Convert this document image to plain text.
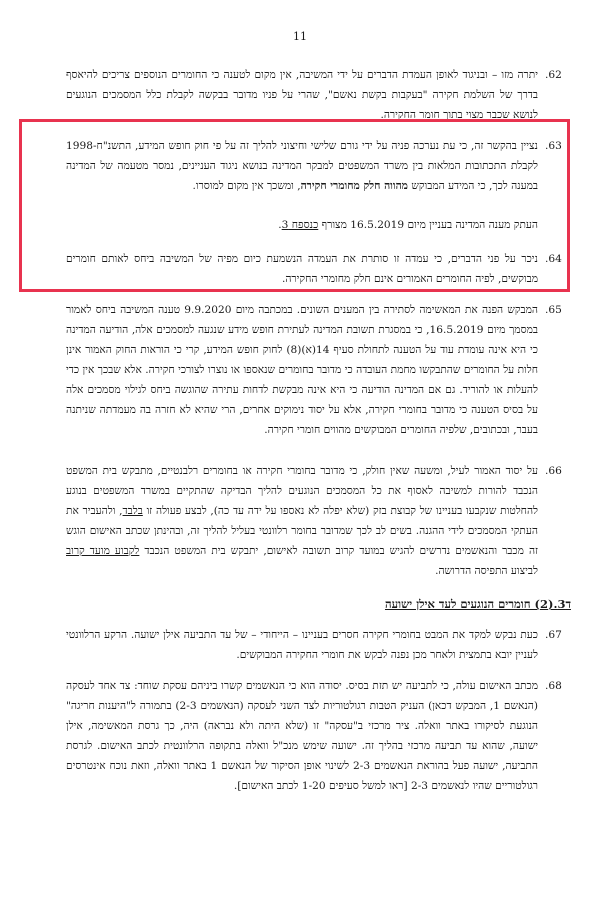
11
.62
יתרה מזו – ובניגוד לאופן העמדת הדברים על ידי המשיבה, אין מקום לטענה כי החומרים הנוספים צריכים להיאסף בדרך של השלמת חקירה "בעקבות בקשת נאשם", שהרי על פניו מדובר בבקשה לקבלת כלל המסמכים הנוגעים לנושא שכבר מצוי בתוך חומר החקירה.
.63
נציין בהקשר זה, כי עת נערכה פניה על ידי גורם שלישי וחיצוני להליך זה על פי חוק חופש המידע, התשנ"ח-1998 לקבלת התכתובות המלאות בין משרד המשפטים למבקר המדינה בנושא ניגוד העניינים, נמסר מטעמה של המדינה במענה לכך, כי המידע המבוקש מהווה חלק מחומרי חקירה, ומשכך אין מקום למוסרו.
העתק מענה המדינה בעניין מיום 16.5.2019 מצורף כנספח 3.
.64
ניכר על פני הדברים, כי עמדה זו סותרת את העמדה הנשמעת כיום מפיה של המשיבה ביחס לאותם חומרים מבוקשים, לפיה החומרים האמורים אינם חלק מחומרי החקירה.
.65
המבקש הפנה את המאשימה לסתירה בין המענים השונים. במכתבה מיום 9.9.2020 טענה המשיבה ביחס לאמור במסמך מיום 16.5.2019, כי במסגרת תשובת המדינה לעתירת חופש מידע שנגעה למסמכים אלה, הודיעה המדינה כי היא אינה עומדת עוד על הטענה לתחולת סעיף 14(א)(8) לחוק חופש המידע, קרי כי הוראות החוק האמור אינן חלות על החומרים שהתבקשו מחמת העובדה כי מדובר בחומרים שנאספו או נוצרו לצורכי חקירה. אלא שבכך אין כדי להעלות או להוריד. גם אם המדינה הודיעה כי היא אינה מבקשת לדחות עתירה שהוגשה ביחס לגילוי מסמכים אלה על בסיס הטענה כי מדובר בחומרי חקירה, אלא על יסוד נימוקים אחרים, הרי שהיא לא חזרה בה מעמדתה שניתנה בעבר, ובכתובים, שלפיה החומרים המבוקשים מהווים חומרי חקירה.
.66
על יסוד האמור לעיל, ומשעה שאין חולק, כי מדובר בחומרי חקירה או בחומרים רלבנטיים, מתבקש בית המשפט הנכבד להורות למשיבה לאסוף את כל המסמכים הנוגעים להליך הבדיקה שהתקיים במשרד המשפטים בנוגע להחלטות שנקבעו בעניינו של קבוצת בזק (שלא יפלה לא נאספו על ידה עד כה), לבצע פעולה זו בלבד, ולהעביר את העתקי המסמכים לידי ההגנה. בשים לב לכך שמדובר בחומר רלוונטי בעליל להליך זה, ובהינתן שכתב האישום הוגש זה מכבר והנאשמים נדרשים להגיש במועד קרוב תשובה לאישום, יתבקש בית המשפט הנכבד לקבוע מועד קרוב לביצוע התפיסה הדרושה.
ד3.(2) חומרים הנוגעים לעד אילן ישועה
.67
כעת נבקש למקד את המבט בחומרי חקירה חסרים בעניינו – הייחודי – של עד התביעה אילן ישועה. הרקע הרלוונטי לעניין יובא בתמצית ולאחר מכן נפנה לבקש את חומרי החקירה המבוקשים.
.68
מכתב האישום עולה, כי לתביעה יש תזת בסיס. יסודה הוא כי הנאשמים קשרו ביניהם עסקת שוחד: צד אחד לעסקה (הנאשם 1, המבקש דכאן) העניק הטבות רגולטוריות לצד השני לעסקה (הנאשמים 2-3) בתמורה ל"היענות חריגה" הנוגעת לסיקורו באתר וואלה. ציר מרכזי ב"עסקה" זו (שלא היתה ולא נבראה) היה, כך גרסת המאשימה, אילן ישועה, שהוא עד תביעה מרכזי בהליך זה. ישועה שימש מנכ"ל וואלה בתקופה הרלוונטית לכתב האישום. לגרסת התביעה, ישועה פעל בהוראת הנאשמים 2-3 לשינוי אופן הסיקור של הנאשם 1 באתר וואלה, וזאת נוכח אינטרסים רגולטוריים שהיו לנאשמים 2-3 [ראו למשל סעיפים 1-20 לכתב האישום].
